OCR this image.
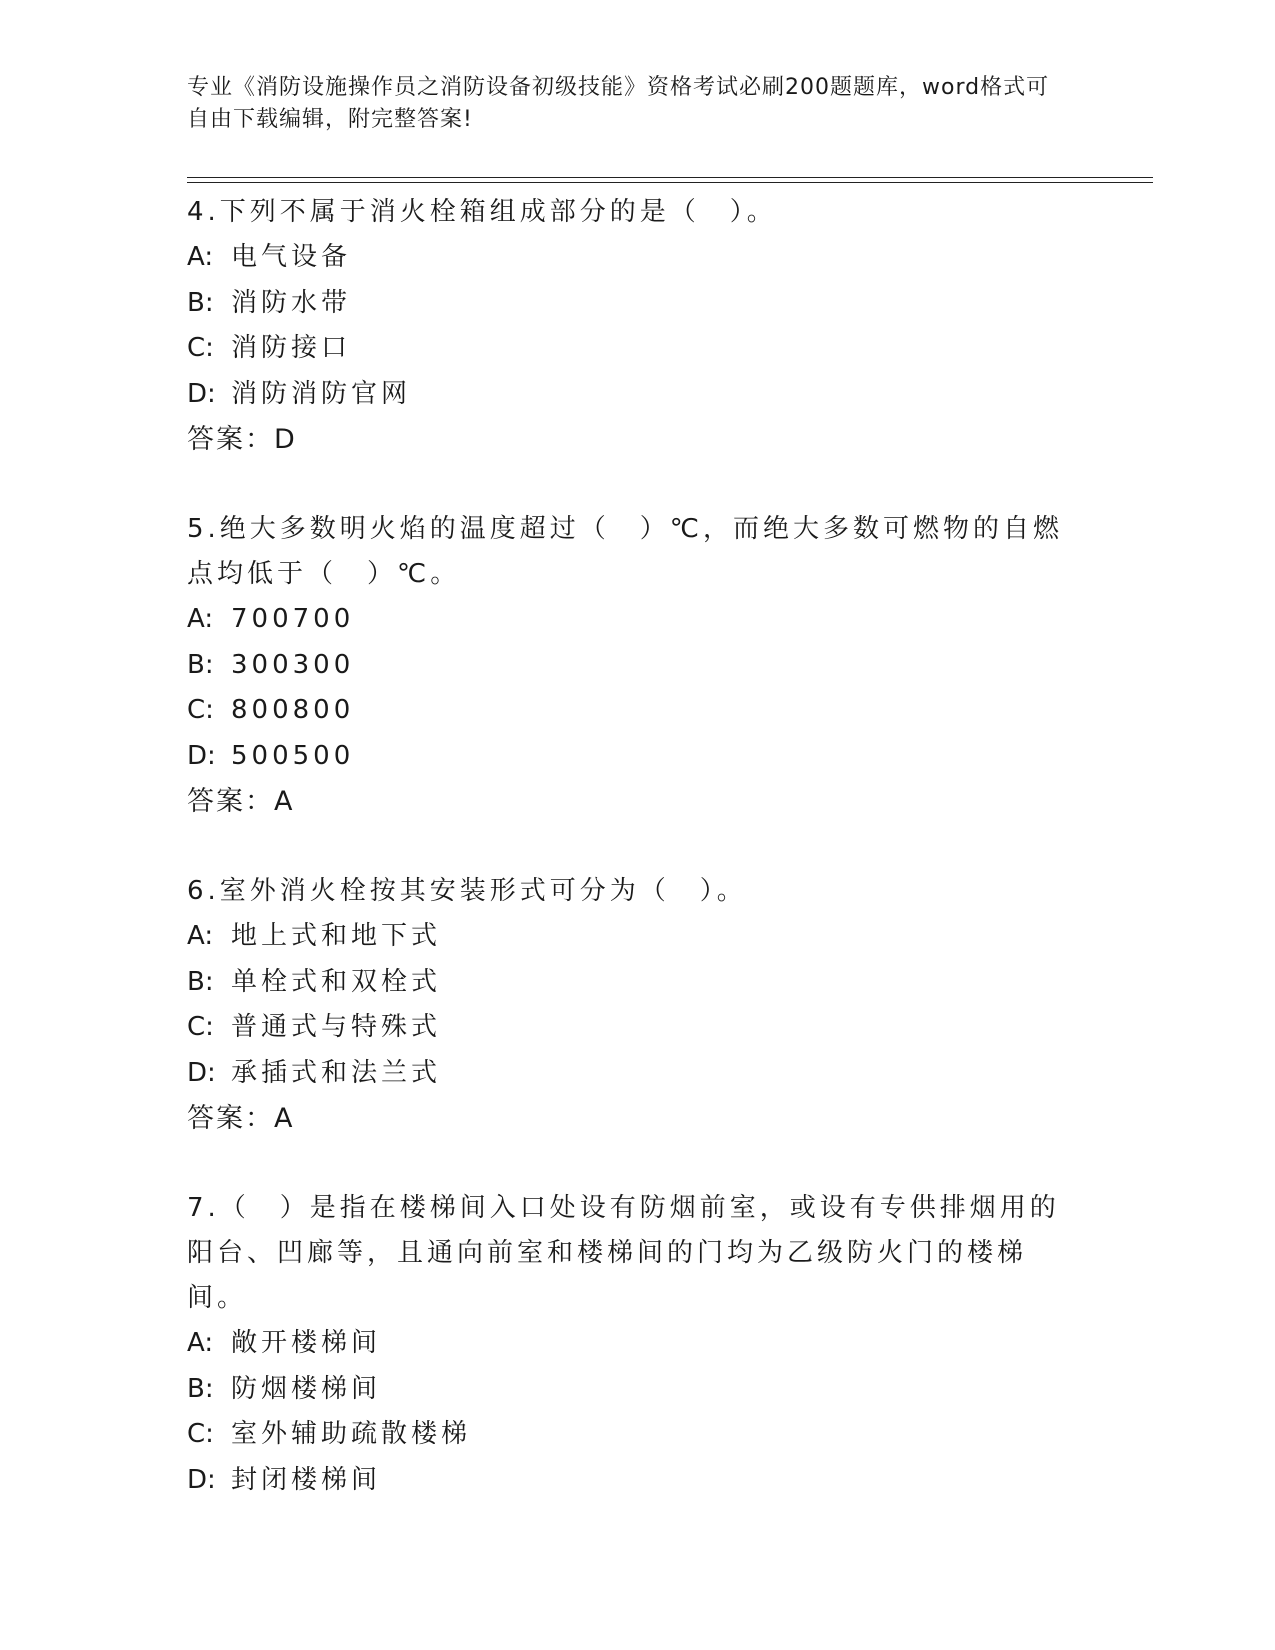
专业《消防设施操作员之消防设备初级技能》资格考试必刷200题题库，word格式可自由下载编辑，附完整答案!

4.下列不属于消火栓箱组成部分的是（　）。

A: 电气设备
B: 消防水带
C: 消防接口
D: 消防消防官网
答案：D

5.绝大多数明火焰的温度超过（　）℃，而绝大多数可燃物的自燃点均低于（　）℃。

A: 700700
B: 300300
C: 800800
D: 500500
答案：A

6.室外消火栓按其安装形式可分为（　）。

A: 地上式和地下式
B: 单栓式和双栓式
C: 普通式与特殊式
D: 承插式和法兰式
答案：A

7.（　）是指在楼梯间入口处设有防烟前室，或设有专供排烟用的阳台、凹廊等，且通向前室和楼梯间的门均为乙级防火门的楼梯间。

A: 敞开楼梯间
B: 防烟楼梯间
C: 室外辅助疏散楼梯
D: 封闭楼梯间
